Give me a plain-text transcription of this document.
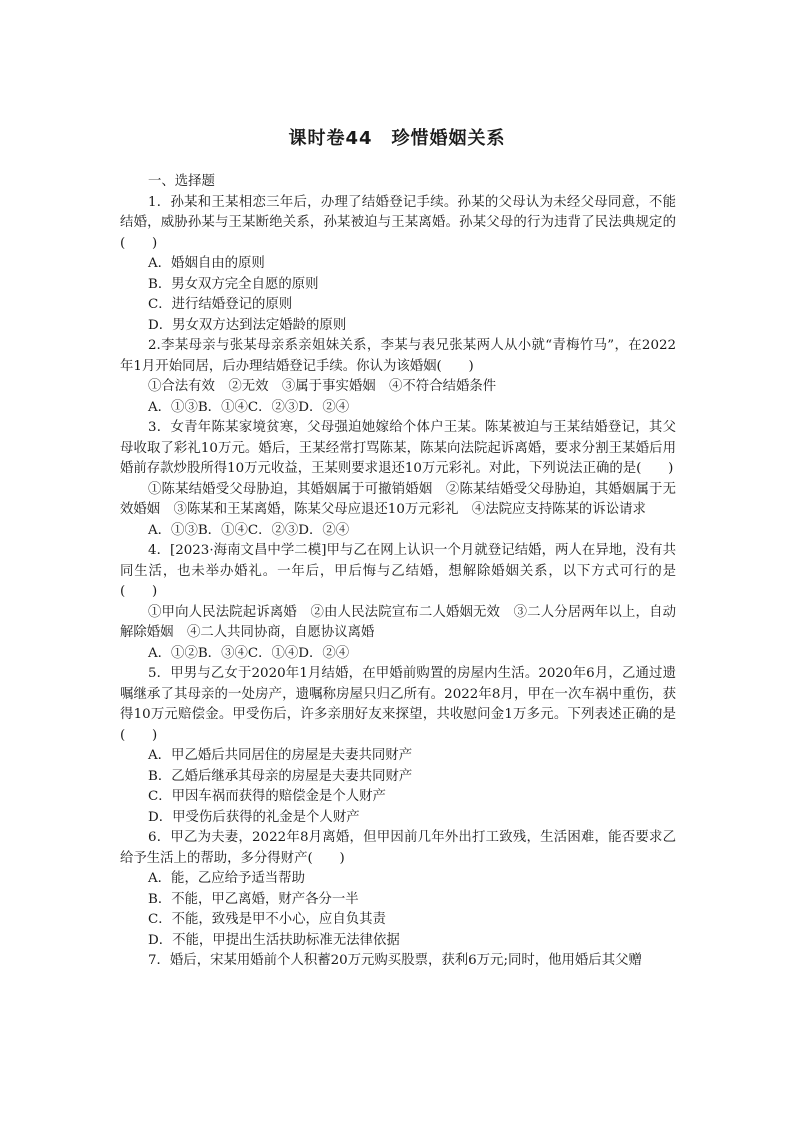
课时卷44　珍惜婚姻关系

一、选择题

1．孙某和王某相恋三年后，办理了结婚登记手续。孙某的父母认为未经父母同意，不能结婚，威胁孙某与王某断绝关系，孙某被迫与王某离婚。孙某父母的行为违背了民法典规定的(　　)

A．婚姻自由的原则

B．男女双方完全自愿的原则

C．进行结婚登记的原则

D．男女双方达到法定婚龄的原则

2.李某母亲与张某母亲系亲姐妹关系，李某与表兄张某两人从小就“青梅竹马”，在2022年1月开始同居，后办理结婚登记手续。你认为该婚姻(　　)

①合法有效　②无效　③属于事实婚姻　④不符合结婚条件

A．①③B．①④C．②③D．②④

3．女青年陈某家境贫寒，父母强迫她嫁给个体户王某。陈某被迫与王某结婚登记，其父母收取了彩礼10万元。婚后，王某经常打骂陈某，陈某向法院起诉离婚，要求分割王某婚后用婚前存款炒股所得10万元收益，王某则要求退还10万元彩礼。对此，下列说法正确的是(　　)

①陈某结婚受父母胁迫，其婚姻属于可撤销婚姻　②陈某结婚受父母胁迫，其婚姻属于无效婚姻　③陈某和王某离婚，陈某父母应退还10万元彩礼　④法院应支持陈某的诉讼请求

A．①③B．①④C．②③D．②④

4．[2023·海南文昌中学二模]甲与乙在网上认识一个月就登记结婚，两人在异地，没有共同生活，也未举办婚礼。一年后，甲后悔与乙结婚，想解除婚姻关系，以下方式可行的是(　　)

①甲向人民法院起诉离婚　②由人民法院宣布二人婚姻无效　③二人分居两年以上，自动解除婚姻　④二人共同协商，自愿协议离婚

A．①②B．③④C．①④D．②④

5．甲男与乙女于2020年1月结婚，在甲婚前购置的房屋内生活。2020年6月，乙通过遗嘱继承了其母亲的一处房产，遗嘱称房屋只归乙所有。2022年8月，甲在一次车祸中重伤，获得10万元赔偿金。甲受伤后，许多亲朋好友来探望，共收慰问金1万多元。下列表述正确的是(　　)

A．甲乙婚后共同居住的房屋是夫妻共同财产

B．乙婚后继承其母亲的房屋是夫妻共同财产

C．甲因车祸而获得的赔偿金是个人财产

D．甲受伤后获得的礼金是个人财产

6．甲乙为夫妻，2022年8月离婚，但甲因前几年外出打工致残，生活困难，能否要求乙给予生活上的帮助，多分得财产(　　)

A．能，乙应给予适当帮助

B．不能，甲乙离婚，财产各分一半

C．不能，致残是甲不小心，应自负其责

D．不能，甲提出生活扶助标准无法律依据

7．婚后，宋某用婚前个人积蓄20万元购买股票，获利6万元;同时，他用婚后其父赠
